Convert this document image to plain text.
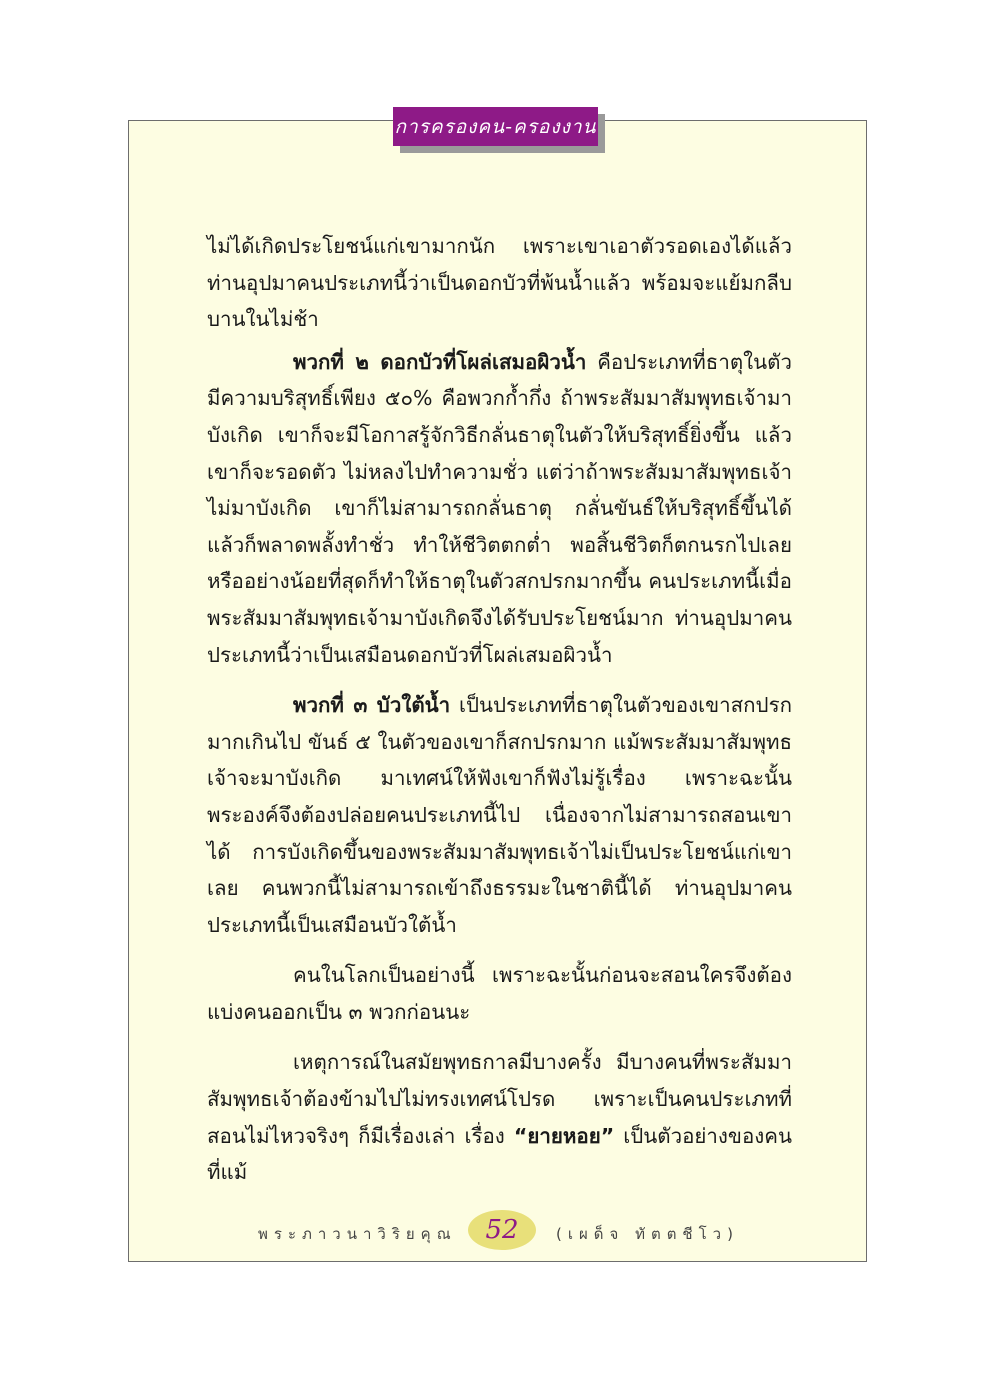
การครองคน-ครองงาน

ไม่ได้เกิดประโยชน์แก่เขามากนัก เพราะเขาเอาตัวรอดเองได้แล้ว ท่านอุปมาคนประเภทนี้ว่าเป็นดอกบัวที่พ้นน้ำแล้ว พร้อมจะแย้มกลีบบานในไม่ช้า

พวกที่ ๒ ดอกบัวที่โผล่เสมอผิวน้ำ คือประเภทที่ธาตุในตัวมีความบริสุทธิ์เพียง ๕๐% คือพวกก้ำกึ่ง ถ้าพระสัมมาสัมพุทธเจ้ามาบังเกิด เขาก็จะมีโอกาสรู้จักวิธีกลั่นธาตุในตัวให้บริสุทธิ์ยิ่งขึ้น แล้วเขาก็จะรอดตัว ไม่หลงไปทำความชั่ว แต่ว่าถ้าพระสัมมาสัมพุทธเจ้าไม่มาบังเกิด เขาก็ไม่สามารถกลั่นธาตุ กลั่นขันธ์ให้บริสุทธิ์ขึ้นได้ แล้วก็พลาดพลั้งทำชั่ว ทำให้ชีวิตตกต่ำ พอสิ้นชีวิตก็ตกนรกไปเลย หรืออย่างน้อยที่สุดก็ทำให้ธาตุในตัวสกปรกมากขึ้น คนประเภทนี้เมื่อพระสัมมาสัมพุทธเจ้ามาบังเกิดจึงได้รับประโยชน์มาก ท่านอุปมาคนประเภทนี้ว่าเป็นเสมือนดอกบัวที่โผล่เสมอผิวน้ำ

พวกที่ ๓ บัวใต้น้ำ เป็นประเภทที่ธาตุในตัวของเขาสกปรกมากเกินไป ขันธ์ ๕ ในตัวของเขาก็สกปรกมาก แม้พระสัมมาสัมพุทธเจ้าจะมาบังเกิด มาเทศน์ให้ฟังเขาก็ฟังไม่รู้เรื่อง เพราะฉะนั้นพระองค์จึงต้องปล่อยคนประเภทนี้ไป เนื่องจากไม่สามารถสอนเขาได้ การบังเกิดขึ้นของพระสัมมาสัมพุทธเจ้าไม่เป็นประโยชน์แก่เขาเลย คนพวกนี้ไม่สามารถเข้าถึงธรรมะในชาตินี้ได้ ท่านอุปมาคนประเภทนี้เป็นเสมือนบัวใต้น้ำ

คนในโลกเป็นอย่างนี้ เพราะฉะนั้นก่อนจะสอนใครจึงต้องแบ่งคนออกเป็น ๓ พวกก่อนนะ

เหตุการณ์ในสมัยพุทธกาลมีบางครั้ง มีบางคนที่พระสัมมาสัมพุทธเจ้าต้องข้ามไปไม่ทรงเทศน์โปรด เพราะเป็นคนประเภทที่สอนไม่ไหวจริงๆ ก็มีเรื่องเล่า เรื่อง “ยายหอย” เป็นตัวอย่างของคนที่แม้

พระภาวนาวิริยคุณ 52 (เผด็จ ทัตตชีโว)
